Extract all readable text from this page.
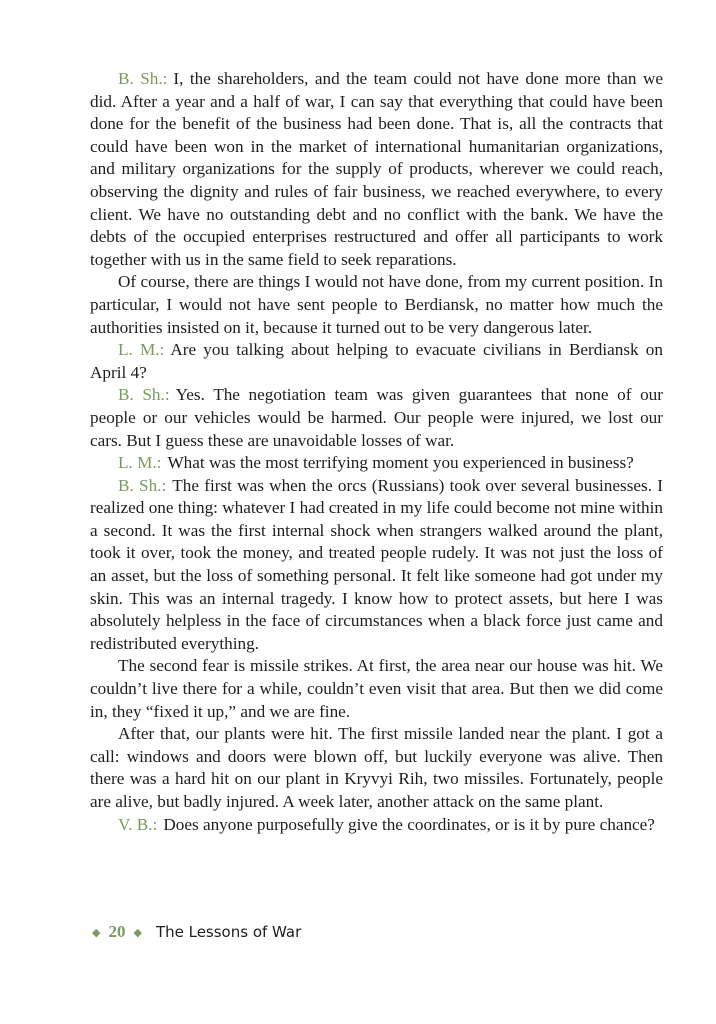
B. Sh.: I, the shareholders, and the team could not have done more than we did. After a year and a half of war, I can say that everything that could have been done for the benefit of the business had been done. That is, all the contracts that could have been won in the market of international humanitarian organizations, and military organizations for the supply of products, wherever we could reach, observing the dignity and rules of fair business, we reached everywhere, to every client. We have no outstanding debt and no conflict with the bank. We have the debts of the occupied enterprises restructured and offer all participants to work together with us in the same field to seek reparations.

Of course, there are things I would not have done, from my current position. In particular, I would not have sent people to Berdiansk, no matter how much the authorities insisted on it, because it turned out to be very dangerous later.

L. M.: Are you talking about helping to evacuate civilians in Berdiansk on April 4?

B. Sh.: Yes. The negotiation team was given guarantees that none of our people or our vehicles would be harmed. Our people were injured, we lost our cars. But I guess these are unavoidable losses of war.

L. M.: What was the most terrifying moment you experienced in business?

B. Sh.: The first was when the orcs (Russians) took over several businesses. I realized one thing: whatever I had created in my life could become not mine within a second. It was the first internal shock when strangers walked around the plant, took it over, took the money, and treated people rudely. It was not just the loss of an asset, but the loss of something personal. It felt like someone had got under my skin. This was an internal tragedy. I know how to protect assets, but here I was absolutely helpless in the face of circumstances when a black force just came and redistributed everything.

The second fear is missile strikes. At first, the area near our house was hit. We couldn’t live there for a while, couldn’t even visit that area. But then we did come in, they “fixed it up,” and we are fine.

After that, our plants were hit. The first missile landed near the plant. I got a call: windows and doors were blown off, but luckily everyone was alive. Then there was a hard hit on our plant in Kryvyi Rih, two missiles. Fortunately, people are alive, but badly injured. A week later, another attack on the same plant.

V. B.: Does anyone purposefully give the coordinates, or is it by pure chance?

◆ 20 ◆ The Lessons of War
